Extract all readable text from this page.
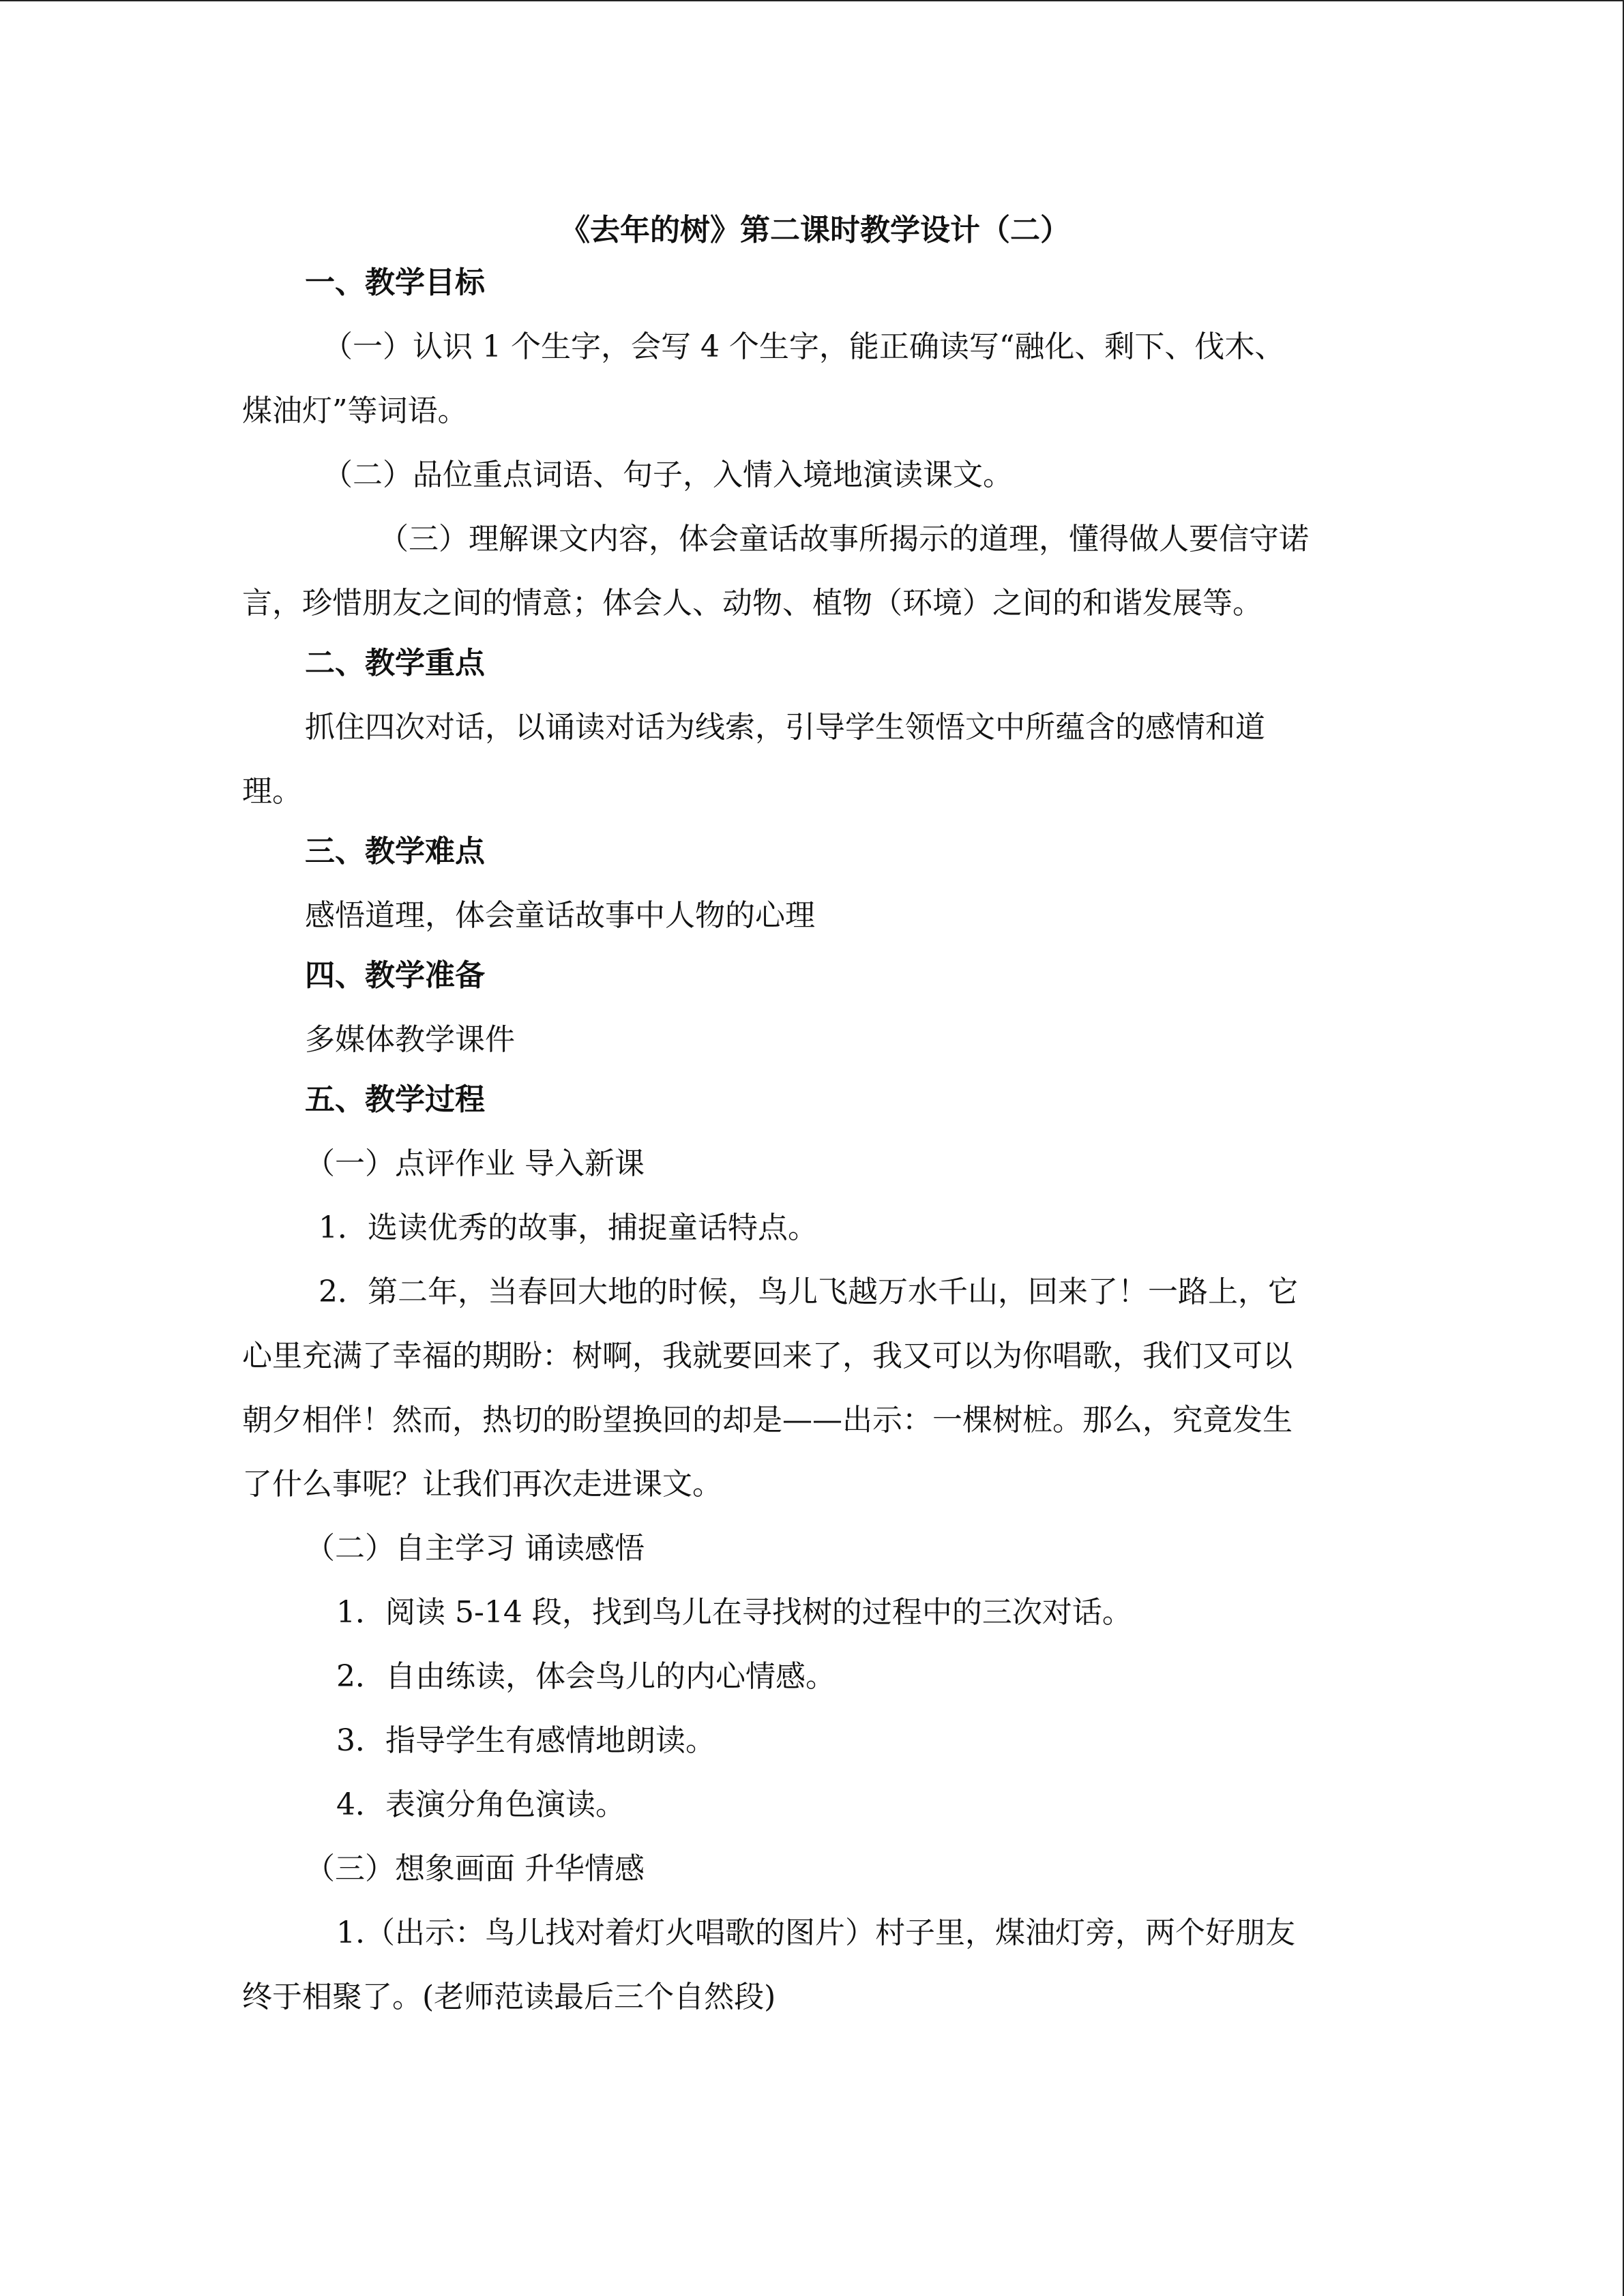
《去年的树》第二课时教学设计（二）

一、教学目标

（一）认识 1 个生字，会写 4 个生字，能正确读写“融化、剩下、伐木、

煤油灯”等词语。

（二）品位重点词语、句子，入情入境地演读课文。

（三）理解课文内容，体会童话故事所揭示的道理，懂得做人要信守诺

言，珍惜朋友之间的情意；体会人、动物、植物（环境）之间的和谐发展等。

二、教学重点

抓住四次对话，以诵读对话为线索，引导学生领悟文中所蕴含的感情和道

理。

三、教学难点

感悟道理，体会童话故事中人物的心理

四、教学准备

多媒体教学课件

五、教学过程

（一）点评作业 导入新课

1．选读优秀的故事，捕捉童话特点。

2．第二年，当春回大地的时候，鸟儿飞越万水千山，回来了！一路上，它

心里充满了幸福的期盼：树啊，我就要回来了，我又可以为你唱歌，我们又可以

朝夕相伴！然而，热切的盼望换回的却是——出示：一棵树桩。那么，究竟发生

了什么事呢？让我们再次走进课文。

（二）自主学习 诵读感悟

1．阅读 5-14 段，找到鸟儿在寻找树的过程中的三次对话。

2．自由练读，体会鸟儿的内心情感。

3．指导学生有感情地朗读。

4．表演分角色演读。

（三）想象画面 升华情感

1.（出示：鸟儿找对着灯火唱歌的图片）村子里，煤油灯旁，两个好朋友

终于相聚了。(老师范读最后三个自然段)
